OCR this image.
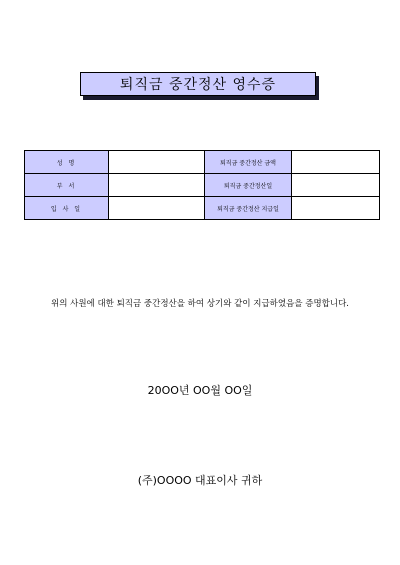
퇴직금 중간정산 영수증
성 명		퇴직금 중간정산 금액	
부 서		퇴직금 중간정산일	
입 사 일		퇴직금 중간정산 지급일	
위의 사원에 대한 퇴직금 중간정산을 하여 상기와 같이 지급하였음을 증명합니다.
20OO년 OO월 OO일
(주)OOOO 대표이사 귀하
